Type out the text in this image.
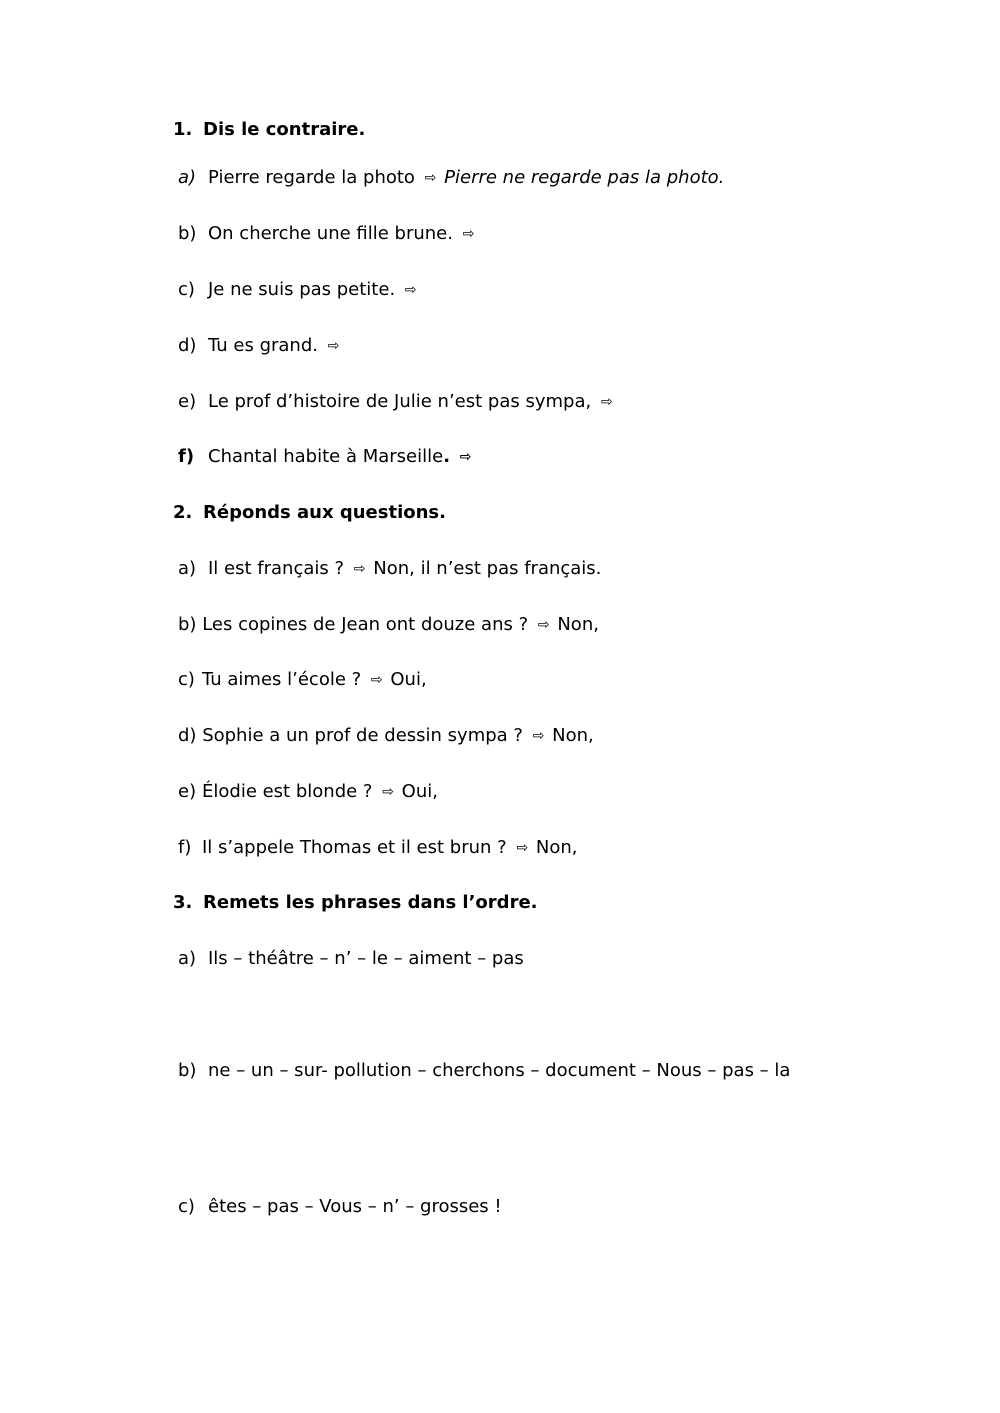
1. Dis le contraire.
a) Pierre regarde la photo ⇨ Pierre ne regarde pas la photo.
b) On cherche une fille brune. ⇨
c) Je ne suis pas petite. ⇨
d) Tu es grand. ⇨
e) Le prof d’histoire de Julie n’est pas sympa, ⇨
f) Chantal habite à Marseille. ⇨
2. Réponds aux questions.
a) Il est français ? ⇨ Non, il n’est pas français.
b) Les copines de Jean ont douze ans ? ⇨ Non,
c) Tu aimes l’école ? ⇨ Oui,
d) Sophie a un prof de dessin sympa ? ⇨ Non,
e) Élodie est blonde ? ⇨ Oui,
f) Il s’appele Thomas et il est brun ? ⇨ Non,
3. Remets les phrases dans l’ordre.
a) Ils – théâtre – n’ – le – aiment – pas
b) ne – un – sur- pollution – cherchons – document – Nous – pas – la
c) êtes – pas – Vous – n’ – grosses !
